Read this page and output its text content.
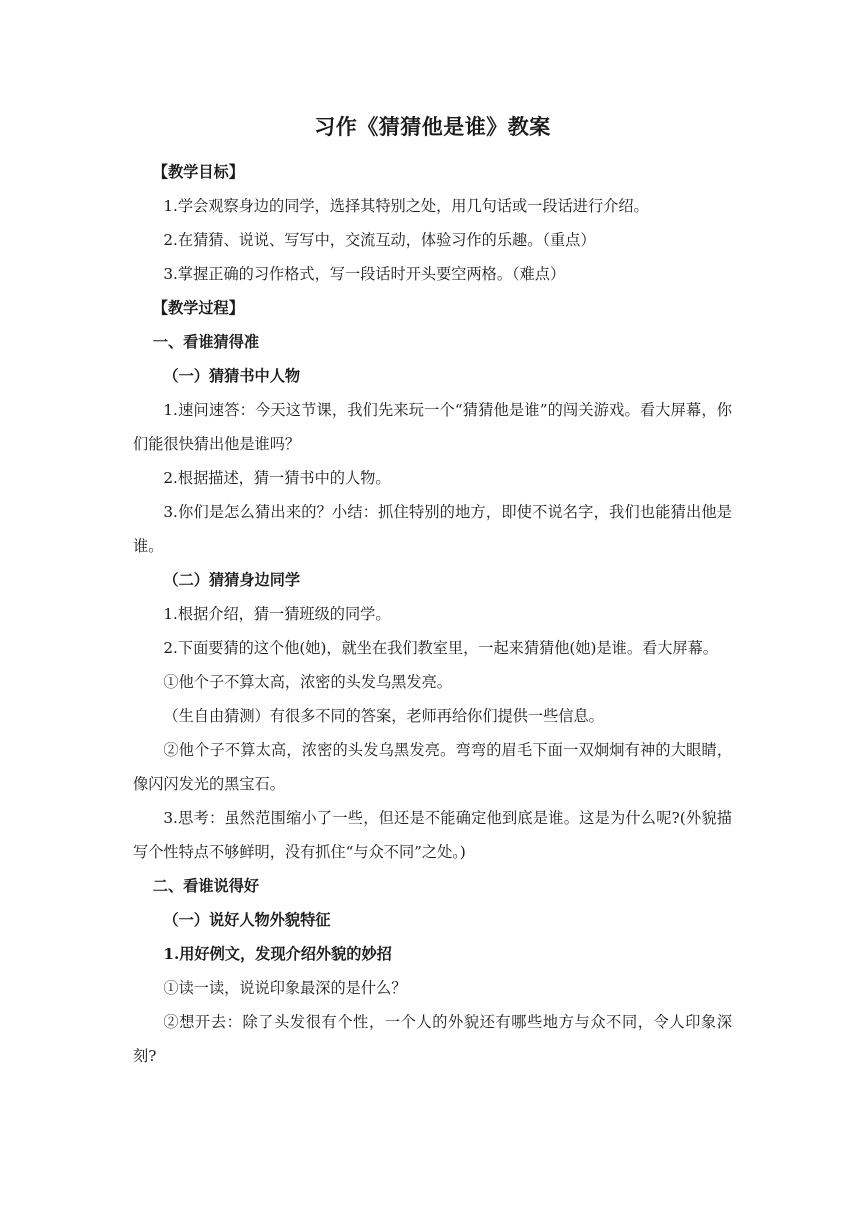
习作《猜猜他是谁》教案

【教学目标】

1.学会观察身边的同学，选择其特别之处，用几句话或一段话进行介绍。

2.在猜猜、说说、写写中，交流互动，体验习作的乐趣。（重点）

3.掌握正确的习作格式，写一段话时开头要空两格。（难点）

【教学过程】

一、看谁猜得准

（一）猜猜书中人物

1.速问速答：今天这节课，我们先来玩一个“猜猜他是谁”的闯关游戏。看大屏幕，你们能很快猜出他是谁吗？

2.根据描述，猜一猜书中的人物。

3.你们是怎么猜出来的？小结：抓住特别的地方，即使不说名字，我们也能猜出他是谁。

（二）猜猜身边同学

1.根据介绍，猜一猜班级的同学。

2.下面要猜的这个他(她)，就坐在我们教室里，一起来猜猜他(她)是谁。看大屏幕。

①他个子不算太高，浓密的头发乌黑发亮。

（生自由猜测）有很多不同的答案，老师再给你们提供一些信息。

②他个子不算太高，浓密的头发乌黑发亮。弯弯的眉毛下面一双炯炯有神的大眼睛，像闪闪发光的黑宝石。

3.思考：虽然范围缩小了一些，但还是不能确定他到底是谁。这是为什么呢?(外貌描写个性特点不够鲜明，没有抓住“与众不同”之处。)

二、看谁说得好

（一）说好人物外貌特征

1.用好例文，发现介绍外貌的妙招

①读一读，说说印象最深的是什么？

②想开去：除了头发很有个性，一个人的外貌还有哪些地方与众不同，令人印象深刻?
